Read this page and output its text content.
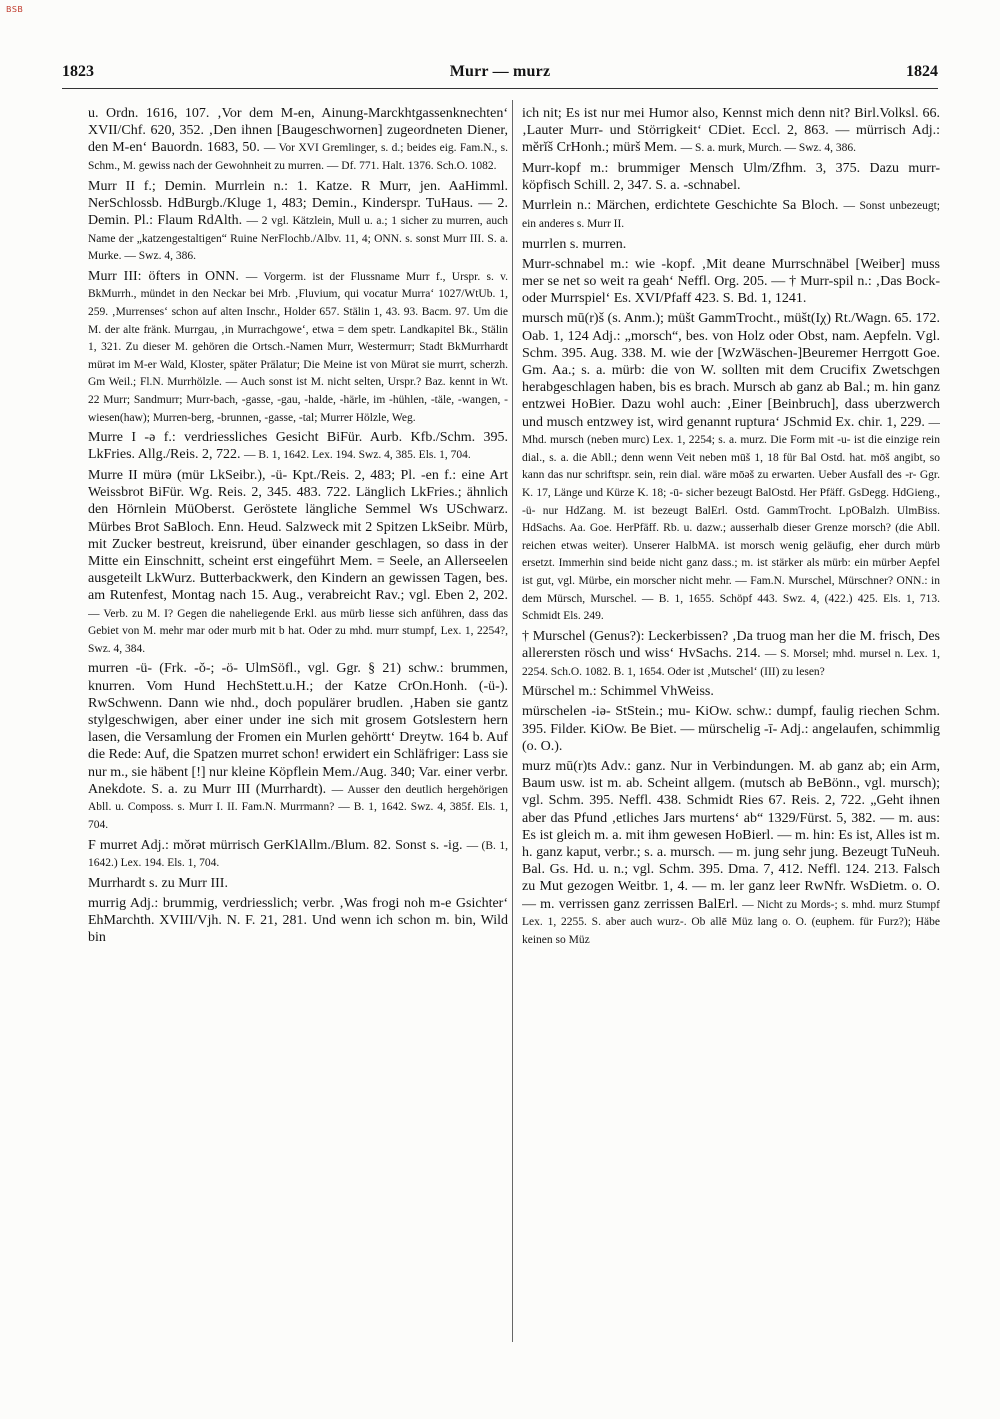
BSB
1823	Murr — murz	1824

u. Ordn. 1616, 107. ‚Vor dem M-en, Ainung-Marckhtgassenknechten‘ XVII/Chf. 620, 352. ‚Den ihnen [Baugeschwornen] zugeordneten Diener, den M-en‘ Bauordn. 1683, 50. — Vor XVI Gremlinger, s. d.; beides eig. Fam.N., s. Schm., M. gewiss nach der Gewohnheit zu murren. — Df. 771. Halt. 1376. Sch.O. 1082.

Murr II f.; Demin. Murrlein n.: 1. Katze. R Murr, jen. AaHimml. NerSchlossb. HdBurgb./Kluge 1, 483; Demin., Kinderspr. TuHaus. — 2. Demin. Pl.: Flaum RdAlth. — 2 vgl. Kätzlein, Mull u. a.; 1 sicher zu murren, auch Name der „katzengestaltigen“ Ruine NerFlochb./Albv. 11, 4; ONN. s. sonst Murr III. S. a. Murke. — Swz. 4, 386.

Murr III: öfters in ONN. — Vorgerm. ist der Flussname Murr f., Urspr. s. v. BkMurrh., mündet in den Neckar bei Mrb. ‚Fluvium, qui vocatur Murra‘ 1027/WtUb. 1, 259. ‚Murrenses‘ schon auf alten Inschr., Holder 657. Stälin 1, 43. 93. Bacm. 97. Um die M. der alte fränk. Murrgau, ‚in Murrachgowe‘, etwa = dem spetr. Landkapitel Bk., Stälin 1, 321. Zu dieser M. gehören die Ortsch.-Namen Murr, Westermurr; Stadt BkMurrhardt mürət im M-er Wald, Kloster, später Prälatur; Die Meine ist von Mürət sie murrt, scherzh. Gm Weil.; Fl.N. Murrhölzle. — Auch sonst ist M. nicht selten, Urspr.? Baz. kennt in Wt. 22 Murr; Sandmurr; Murr-bach, -gasse, -gau, -halde, -härle, im -hühlen, -täle, -wangen, -wiesen(haw); Murren-berg, -brunnen, -gasse, -tal; Murrer Hölzle, Weg.

Murre I -ə f.: verdriessliches Gesicht BiFür. Aurb. Kfb./Schm. 395. LkFries. Allg./Reis. 2, 722. — B. 1, 1642. Lex. 194. Swz. 4, 385. Els. 1, 704.

Murre II mürə (mür LkSeibr.), -ü- Kpt./Reis. 2, 483; Pl. -en f.: eine Art Weissbrot BiFür. Wg. Reis. 2, 345. 483. 722. Länglich LkFries.; ähnlich den Hörnlein MüOberst. Geröstete längliche Semmel Ws USchwarz. Mürbes Brot SaBloch. Enn. Heud. Salzweck mit 2 Spitzen LkSeibr. Mürb, mit Zucker bestreut, kreisrund, über einander geschlagen, so dass in der Mitte ein Einschnitt, scheint erst eingeführt Mem. = Seele, an Allerseelen ausgeteilt LkWurz. Butterbackwerk, den Kindern an gewissen Tagen, bes. am Rutenfest, Montag nach 15. Aug., verabreicht Rav.; vgl. Eben 2, 202. — Verb. zu M. I? Gegen die naheliegende Erkl. aus mürb liesse sich anführen, dass das Gebiet von M. mehr mar oder murb mit b hat. Oder zu mhd. murr stumpf, Lex. 1, 2254?, Swz. 4, 384.

murren -ü- (Frk. -ŏ-; -ö- UlmSöfl., vgl. Ggr. § 21) schw.: brummen, knurren. Vom Hund HechStett.u.H.; der Katze CrOn.Honh. (-ü-). RwSchwenn. Dann wie nhd., doch populärer brudlen. ‚Haben sie gantz stylgeschwigen, aber einer under ine sich mit grosem Gotslestern hern lasen, die Versamlung der Fromen ein Murlen gehörtt‘ Dreytw. 164 b. Auf die Rede: Auf, die Spatzen murret schon! erwidert ein Schläfriger: Lass sie nur m., sie häbent [!] nur kleine Köpflein Mem./Aug. 340; Var. einer verbr. Anekdote. S. a. zu Murr III (Murrhardt). — Ausser den deutlich hergehörigen Abll. u. Composs. s. Murr I. II. Fam.N. Murrmann? — B. 1, 1642. Swz. 4, 385f. Els. 1, 704.

F murret Adj.: mŏrət mürrisch GerKlAllm./Blum. 82. Sonst s. -ig. — (B. 1, 1642.) Lex. 194. Els. 1, 704.

Murrhardt s. zu Murr III.

murrig Adj.: brummig, verdriesslich; verbr. ‚Was frogi noh m-e Gsichter‘ EhMarchth. XVIII/Vjh. N. F. 21, 281. Und wenn ich schon m. bin, Wild bin

ich nit; Es ist nur mei Humor also, Kennst mich denn nit? Birl.Volksl. 66. ‚Lauter Murr- und Störrigkeit‘ CDiet. Eccl. 2, 863. — mürrisch Adj.: mĕrĭš CrHonh.; mürš Mem. — S. a. murk, Murch. — Swz. 4, 386.

Murr-kopf m.: brummiger Mensch Ulm/Zfhm. 3, 375. Dazu murr-köpfisch Schill. 2, 347. S. a. -schnabel.

Murrlein n.: Märchen, erdichtete Geschichte Sa Bloch. — Sonst unbezeugt; ein anderes s. Murr II.

murrlen s. murren.

Murr-schnabel m.: wie -kopf. ‚Mit deane Murrschnäbel [Weiber] muss mer se net so weit ra geah‘ Neffl. Org. 205. — † Murr-spil n.: ‚Das Bock- oder Murrspiel‘ Es. XVI/Pfaff 423. S. Bd. 1, 1241.

mursch mū(r)š (s. Anm.); müšt GammTrocht., müšt(Iχ) Rt./Wagn. 65. 172. Oab. 1, 124 Adj.: „morsch“, bes. von Holz oder Obst, nam. Aepfeln. Vgl. Schm. 395. Aug. 338. M. wie der [WzWäschen-]Beuremer Herrgott Goe. Gm. Aa.; s. a. mürb: die von W. sollten mit dem Crucifix Zwetschgen herabgeschlagen haben, bis es brach. Mursch ab ganz ab Bal.; m. hin ganz entzwei HoBier. Dazu wohl auch: ‚Einer [Beinbruch], dass uberzwerch und musch entzwey ist, wird genannt ruptura‘ JSchmid Ex. chir. 1, 229. — Mhd. mursch (neben murc) Lex. 1, 2254; s. a. murz. Die Form mit -u- ist die einzige rein dial., s. a. die Abll.; denn wenn Veit neben mūš 1, 18 für Bal Ostd. hat. mōš angibt, so kann das nur schriftspr. sein, rein dial. wäre mōəš zu erwarten. Ueber Ausfall des -r- Ggr. K. 17, Länge und Kürze K. 18; -ū- sicher bezeugt BalOstd. Her Pfäff. GsDegg. HdGieng., -ü- nur HdZang. M. ist bezeugt BalErl. Ostd. GammTrocht. LpOBalzh. UlmBiss. HdSachs. Aa. Goe. HerPfäff. Rb. u. dazw.; ausserhalb dieser Grenze morsch? (die Abll. reichen etwas weiter). Unserer HalbMA. ist morsch wenig geläufig, eher durch mürb ersetzt. Immerhin sind beide nicht ganz dass.; m. ist stärker als mürb: ein mürber Aepfel ist gut, vgl. Mürbe, ein morscher nicht mehr. — Fam.N. Murschel, Mürschner? ONN.: in dem Mürsch, Murschel. — B. 1, 1655. Schöpf 443. Swz. 4, (422.) 425. Els. 1, 713. Schmidt Els. 249.

† Murschel (Genus?): Leckerbissen? ‚Da truog man her die M. frisch, Des allerersten rösch und wiss‘ HvSachs. 214. — S. Morsel; mhd. mursel n. Lex. 1, 2254. Sch.O. 1082. B. 1, 1654. Oder ist ‚Mutschel‘ (III) zu lesen?

Mürschel m.: Schimmel VhWeiss.

mürschelen -iə- StStein.; mu- KiOw. schw.: dumpf, faulig riechen Schm. 395. Filder. KiOw. Be Biet. — mürschelig -ī- Adj.: angelaufen, schimmlig (o. O.).

murz mū(r)ts Adv.: ganz. Nur in Verbindungen. M. ab ganz ab; ein Arm, Baum usw. ist m. ab. Scheint allgem. (mutsch ab BeBönn., vgl. mursch); vgl. Schm. 395. Neffl. 438. Schmidt Ries 67. Reis. 2, 722. „Geht ihnen aber das Pfund ‚etliches Jars murtens‘ ab“ 1329/Fürst. 5, 382. — m. aus: Es ist gleich m. a. mit ihm gewesen HoBierl. — m. hin: Es ist, Alles ist m. h. ganz kaput, verbr.; s. a. mursch. — m. jung sehr jung. Bezeugt TuNeuh. Bal. Gs. Hd. u. n.; vgl. Schm. 395. Dma. 7, 412. Neffl. 124. 213. Falsch zu Mut gezogen Weitbr. 1, 4. — m. ler ganz leer RwNfr. WsDietm. o. O. — m. verrissen ganz zerrissen BalErl. — Nicht zu Mords-; s. mhd. murz Stumpf Lex. 1, 2255. S. aber auch wurz-. Ob allē Müz lang o. O. (euphem. für Furz?); Häbe keinen so Müz
